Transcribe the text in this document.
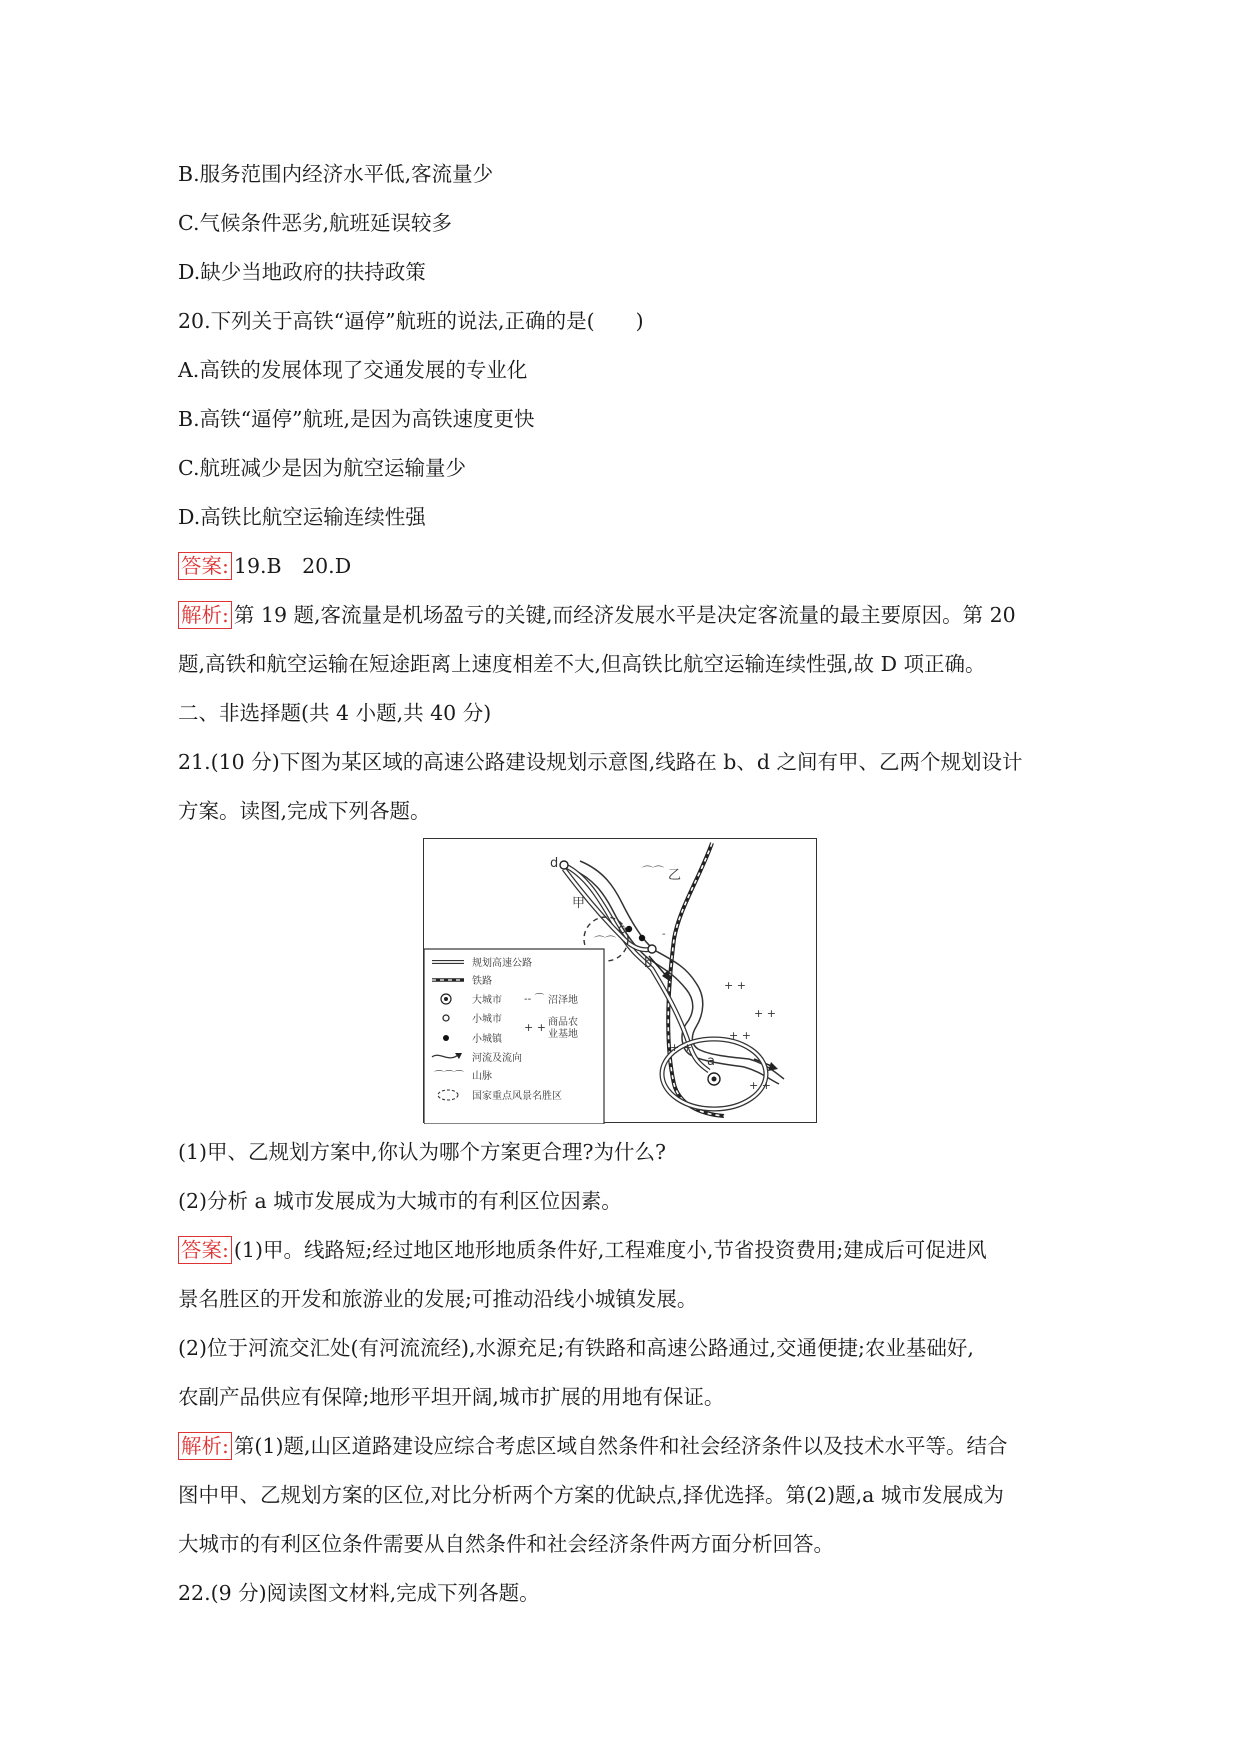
B.服务范围内经济水平低,客流量少
C.气候条件恶劣,航班延误较多
D.缺少当地政府的扶持政策
20.下列关于高铁“逼停”航班的说法,正确的是(　　)
A.高铁的发展体现了交通发展的专业化
B.高铁“逼停”航班,是因为高铁速度更快
C.航班减少是因为航空运输量少
D.高铁比航空运输连续性强
答案: 19.B　20.D
解析: 第 19 题,客流量是机场盈亏的关键,而经济发展水平是决定客流量的最主要原因。第 20
题,高铁和航空运输在短途距离上速度相差不大,但高铁比航空运输连续性强,故 D 项正确。
二、非选择题(共 4 小题,共 40 分)
21.(10 分)下图为某区域的高速公路建设规划示意图,线路在 b、d 之间有甲、乙两个规划设计
方案。读图,完成下列各题。
⌒⌒
⌒⌒
-
d
乙
甲
c
b
a
+ +
+ +
+ +
+ +
+ +
规划高速公路
铁路
大城市 -- ⌒ 沼泽地
小城市
+ + 商品农
业基地
小城镇
河流及流向
⌒⌒⌒ 山脉
国家重点风景名胜区
(1)甲、乙规划方案中,你认为哪个方案更合理?为什么?
(2)分析 a 城市发展成为大城市的有利区位因素。
答案: (1)甲。线路短;经过地区地形地质条件好,工程难度小,节省投资费用;建成后可促进风
景名胜区的开发和旅游业的发展;可推动沿线小城镇发展。
(2)位于河流交汇处(有河流流经),水源充足;有铁路和高速公路通过,交通便捷;农业基础好,
农副产品供应有保障;地形平坦开阔,城市扩展的用地有保证。
解析: 第(1)题,山区道路建设应综合考虑区域自然条件和社会经济条件以及技术水平等。结合
图中甲、乙规划方案的区位,对比分析两个方案的优缺点,择优选择。第(2)题,a 城市发展成为
大城市的有利区位条件需要从自然条件和社会经济条件两方面分析回答。
22.(9 分)阅读图文材料,完成下列各题。
